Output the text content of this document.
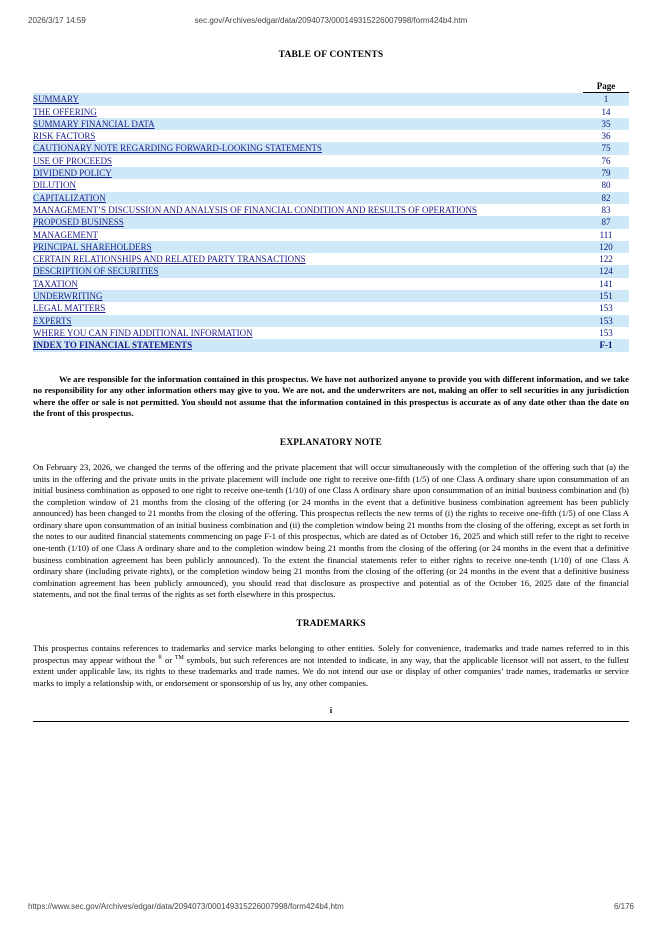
2026/3/17 14:59	sec.gov/Archives/edgar/data/2094073/000149315226007998/form424b4.htm
TABLE OF CONTENTS
	Page
SUMMARY	1
THE OFFERING	14
SUMMARY FINANCIAL DATA	35
RISK FACTORS	36
CAUTIONARY NOTE REGARDING FORWARD-LOOKING STATEMENTS	75
USE OF PROCEEDS	76
DIVIDEND POLICY	79
DILUTION	80
CAPITALIZATION	82
MANAGEMENT’S DISCUSSION AND ANALYSIS OF FINANCIAL CONDITION AND RESULTS OF OPERATIONS	83
PROPOSED BUSINESS	87
MANAGEMENT	111
PRINCIPAL SHAREHOLDERS	120
CERTAIN RELATIONSHIPS AND RELATED PARTY TRANSACTIONS	122
DESCRIPTION OF SECURITIES	124
TAXATION	141
UNDERWRITING	151
LEGAL MATTERS	153
EXPERTS	153
WHERE YOU CAN FIND ADDITIONAL INFORMATION	153
INDEX TO FINANCIAL STATEMENTS	F-1

We are responsible for the information contained in this prospectus. We have not authorized anyone to provide you with different information, and we take no responsibility for any other information others may give to you. We are not, and the underwriters are not, making an offer to sell securities in any jurisdiction where the offer or sale is not permitted. You should not assume that the information contained in this prospectus is accurate as of any date other than the date on the front of this prospectus.

EXPLANATORY NOTE

On February 23, 2026, we changed the terms of the offering and the private placement that will occur simultaneously with the completion of the offering such that (a) the units in the offering and the private units in the private placement will include one right to receive one-fifth (1/5) of one Class A ordinary share upon consummation of an initial business combination as opposed to one right to receive one-tenth (1/10) of one Class A ordinary share upon consummation of an initial business combination and (b) the completion window of 21 months from the closing of the offering (or 24 months in the event that a definitive business combination agreement has been publicly announced) has been changed to 21 months from the closing of the offering. This prospectus reflects the new terms of (i) the rights to receive one-fifth (1/5) of one Class A ordinary share upon consummation of an initial business combination and (ii) the completion window being 21 months from the closing of the offering, except as set forth in the notes to our audited financial statements commencing on page F-1 of this prospectus, which are dated as of October 16, 2025 and which still refer to the right to receive one-tenth (1/10) of one Class A ordinary share and to the completion window being 21 months from the closing of the offering (or 24 months in the event that a definitive business combination agreement has been publicly announced). To the extent the financial statements refer to either rights to receive one-tenth (1/10) of one Class A ordinary share (including private rights), or the completion window being 21 months from the closing of the offering (or 24 months in the event that a definitive business combination agreement has been publicly announced), you should read that disclosure as prospective and potential as of the October 16, 2025 date of the financial statements, and not the final terms of the rights as set forth elsewhere in this prospectus.

TRADEMARKS

This prospectus contains references to trademarks and service marks belonging to other entities. Solely for convenience, trademarks and trade names referred to in this prospectus may appear without the ® or ™ symbols, but such references are not intended to indicate, in any way, that the applicable licensor will not assert, to the fullest extent under applicable law, its rights to these trademarks and trade names. We do not intend our use or display of other companies’ trade names, trademarks or service marks to imply a relationship with, or endorsement or sponsorship of us by, any other companies.

i

https://www.sec.gov/Archives/edgar/data/2094073/000149315226007998/form424b4.htm	6/176
